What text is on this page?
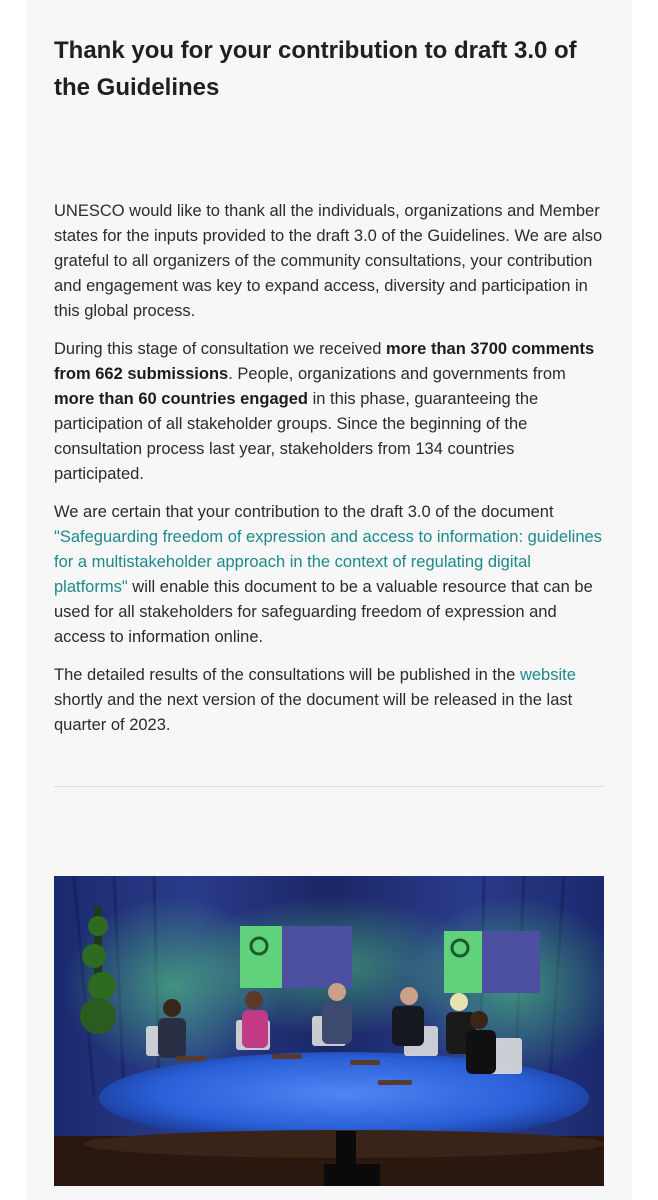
Thank you for your contribution to draft 3.0 of the Guidelines

UNESCO would like to thank all the individuals, organizations and Member states for the inputs provided to the draft 3.0 of the Guidelines. We are also grateful to all organizers of the community consultations, your contribution and engagement was key to expand access, diversity and participation in this global process.

During this stage of consultation we received more than 3700 comments from 662 submissions. People, organizations and governments from more than 60 countries engaged in this phase, guaranteeing the participation of all stakeholder groups. Since the beginning of the consultation process last year, stakeholders from 134 countries participated.

We are certain that your contribution to the draft 3.0 of the document "Safeguarding freedom of expression and access to information: guidelines for a multistakeholder approach in the context of regulating digital platforms" will enable this document to be a valuable resource that can be used for all stakeholders for safeguarding freedom of expression and access to information online.

The detailed results of the consultations will be published in the website shortly and the next version of the document will be released in the last quarter of 2023.
